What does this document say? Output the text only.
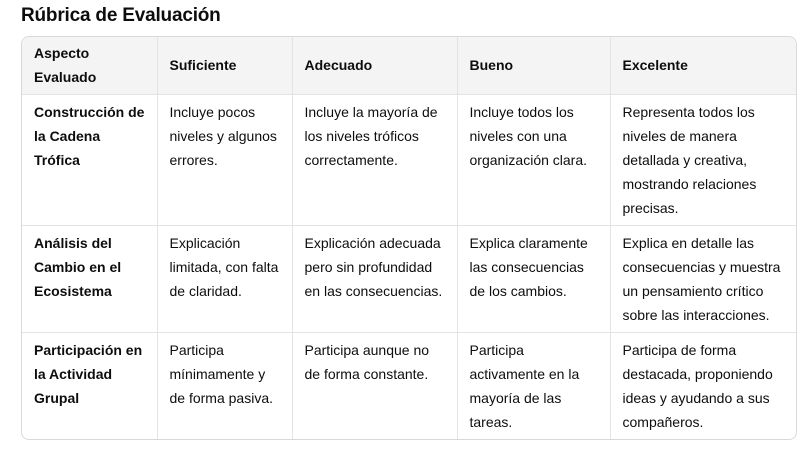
Rúbrica de Evaluación
Aspecto Evaluado	Suficiente	Adecuado	Bueno	Excelente
Construcción de la Cadena Trófica	Incluye pocos niveles y algunos errores.	Incluye la mayoría de los niveles tróficos correctamente.	Incluye todos los niveles con una organización clara.	Representa todos los niveles de manera detallada y creativa, mostrando relaciones precisas.
Análisis del Cambio en el Ecosistema	Explicación limitada, con falta de claridad.	Explicación adecuada pero sin profundidad en las consecuencias.	Explica claramente las consecuencias de los cambios.	Explica en detalle las consecuencias y muestra un pensamiento crítico sobre las interacciones.
Participación en la Actividad Grupal	Participa mínimamente y de forma pasiva.	Participa aunque no de forma constante.	Participa activamente en la mayoría de las tareas.	Participa de forma destacada, proponiendo ideas y ayudando a sus compañeros.
